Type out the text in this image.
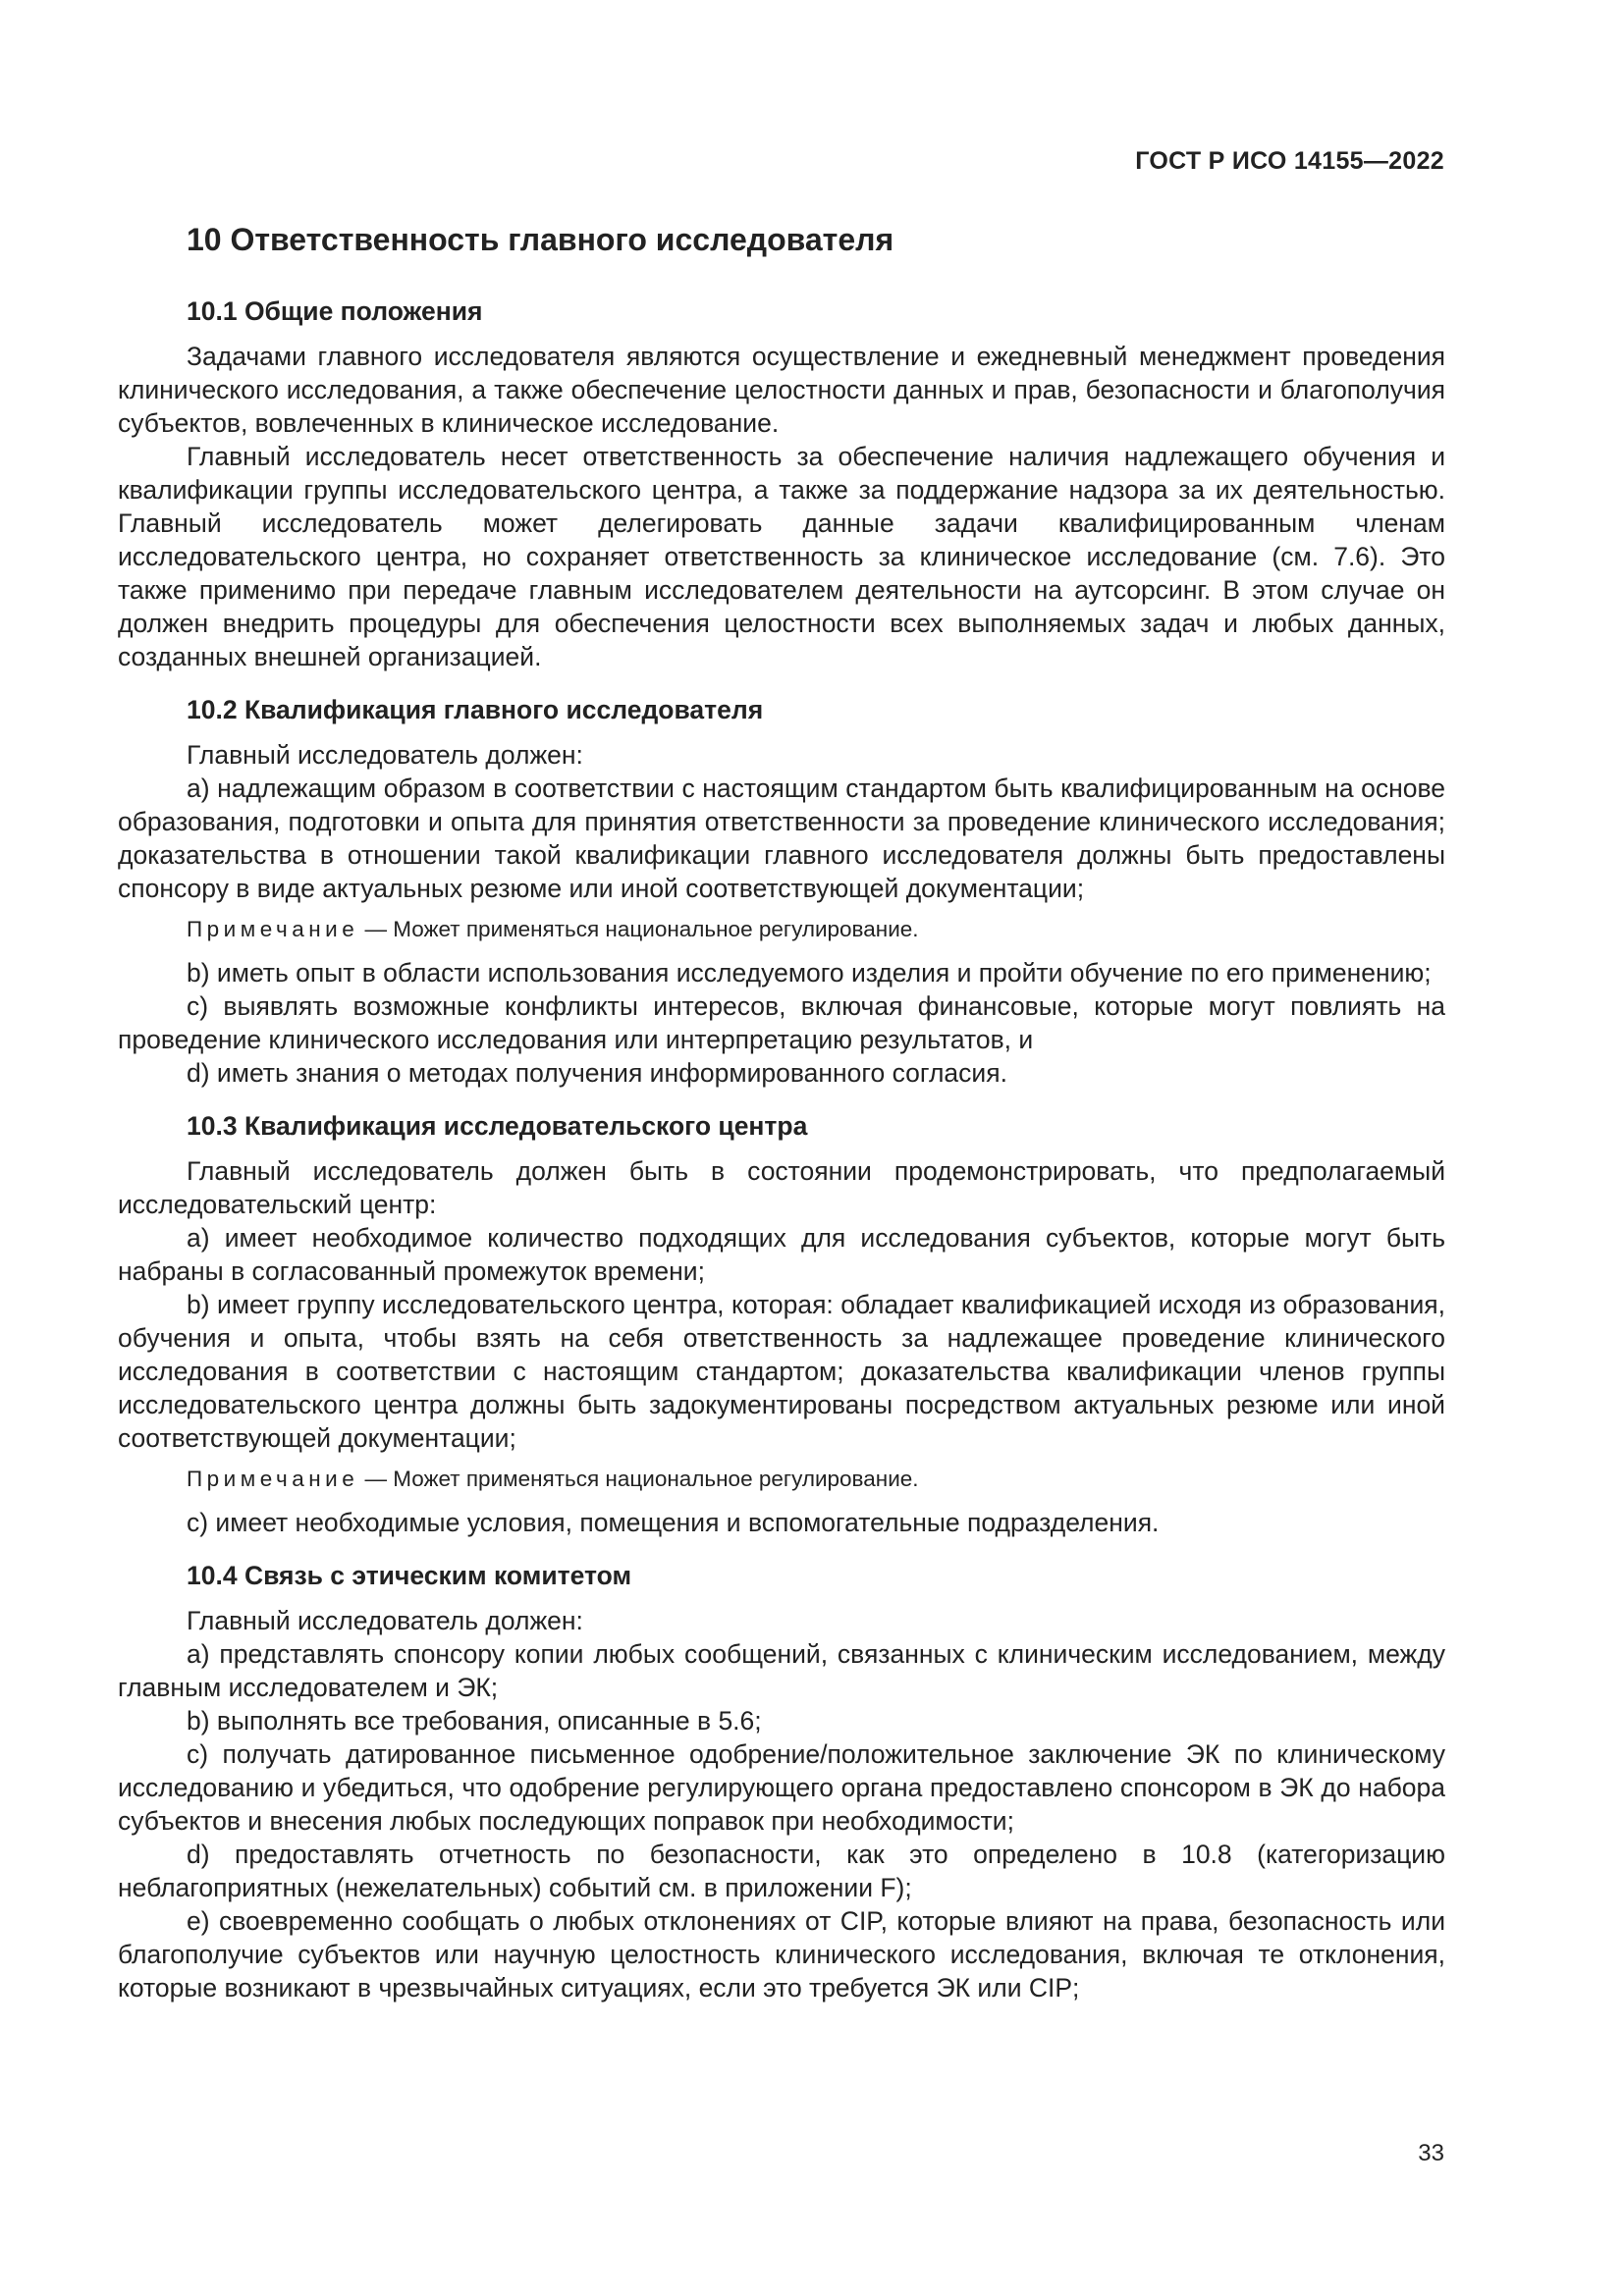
ГОСТ Р ИСО 14155—2022
10 Ответственность главного исследователя
10.1 Общие положения

Задачами главного исследователя являются осуществление и ежедневный менеджмент проведения клинического исследования, а также обеспечение целостности данных и прав, безопасности и благополучия субъектов, вовлеченных в клиническое исследование.

Главный исследователь несет ответственность за обеспечение наличия надлежащего обучения и квалификации группы исследовательского центра, а также за поддержание надзора за их деятельностью. Главный исследователь может делегировать данные задачи квалифицированным членам исследовательского центра, но сохраняет ответственность за клиническое исследование (см. 7.6). Это также применимо при передаче главным исследователем деятельности на аутсорсинг. В этом случае он должен внедрить процедуры для обеспечения целостности всех выполняемых задач и любых данных, созданных внешней организацией.

10.2 Квалификация главного исследователя

Главный исследователь должен:

а) надлежащим образом в соответствии с настоящим стандартом быть квалифицированным на основе образования, подготовки и опыта для принятия ответственности за проведение клинического исследования; доказательства в отношении такой квалификации главного исследователя должны быть предоставлены спонсору в виде актуальных резюме или иной соответствующей документации;

Примечание — Может применяться национальное регулирование.

b) иметь опыт в области использования исследуемого изделия и пройти обучение по его применению;

с) выявлять возможные конфликты интересов, включая финансовые, которые могут повлиять на проведение клинического исследования или интерпретацию результатов, и

d) иметь знания о методах получения информированного согласия.

10.3 Квалификация исследовательского центра

Главный исследователь должен быть в состоянии продемонстрировать, что предполагаемый исследовательский центр:

а) имеет необходимое количество подходящих для исследования субъектов, которые могут быть набраны в согласованный промежуток времени;

b) имеет группу исследовательского центра, которая: обладает квалификацией исходя из образования, обучения и опыта, чтобы взять на себя ответственность за надлежащее проведение клинического исследования в соответствии с настоящим стандартом; доказательства квалификации членов группы исследовательского центра должны быть задокументированы посредством актуальных резюме или иной соответствующей документации;

Примечание — Может применяться национальное регулирование.

с) имеет необходимые условия, помещения и вспомогательные подразделения.

10.4 Связь с этическим комитетом

Главный исследователь должен:

а) представлять спонсору копии любых сообщений, связанных с клиническим исследованием, между главным исследователем и ЭК;

b) выполнять все требования, описанные в 5.6;

с) получать датированное письменное одобрение/положительное заключение ЭК по клиническому исследованию и убедиться, что одобрение регулирующего органа предоставлено спонсором в ЭК до набора субъектов и внесения любых последующих поправок при необходимости;

d) предоставлять отчетность по безопасности, как это определено в 10.8 (категоризацию неблагоприятных (нежелательных) событий см. в приложении F);

е) своевременно сообщать о любых отклонениях от CIP, которые влияют на права, безопасность или благополучие субъектов или научную целостность клинического исследования, включая те отклонения, которые возникают в чрезвычайных ситуациях, если это требуется ЭК или CIP;

33
